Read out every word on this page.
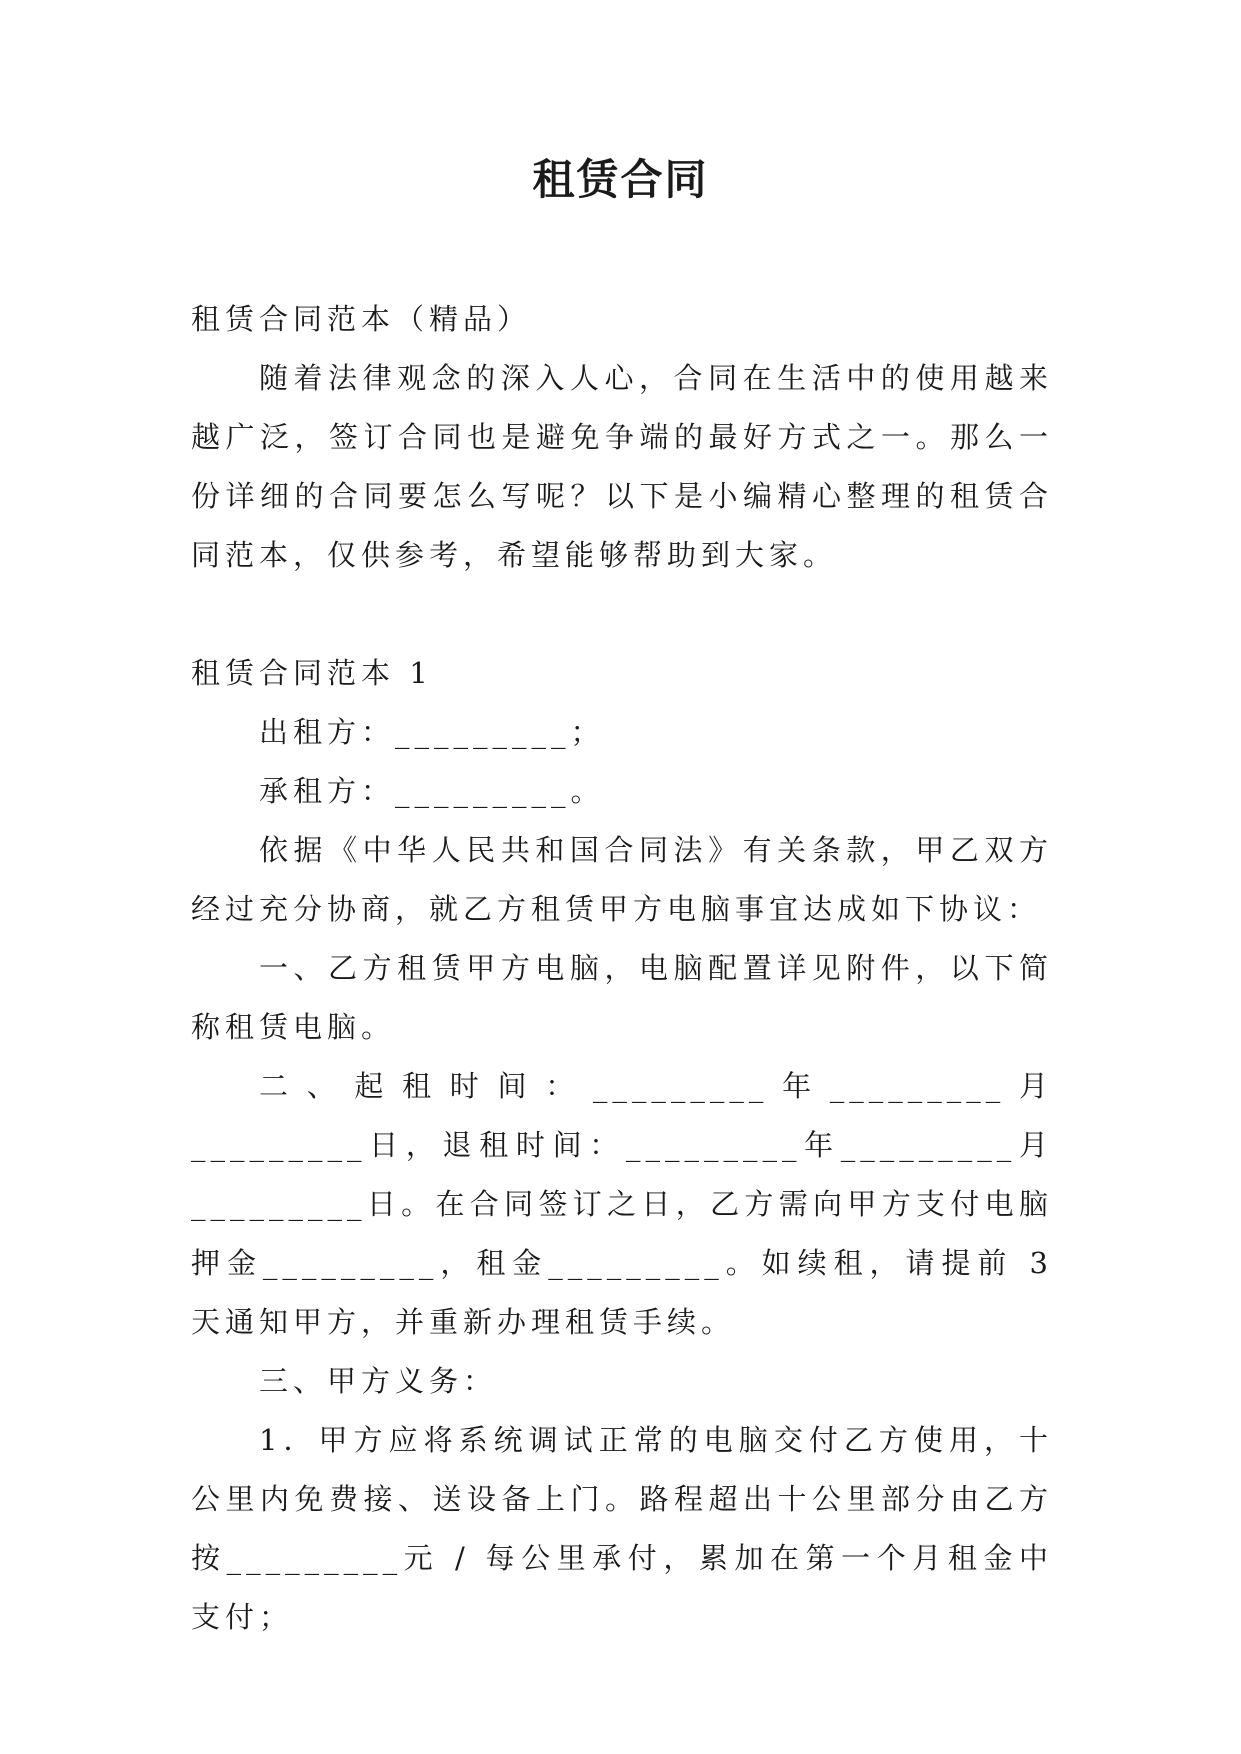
租赁合同

租赁合同范本（精品）

随着法律观念的深入人心，合同在生活中的使用越来越广泛，签订合同也是避免争端的最好方式之一。那么一份详细的合同要怎么写呢？以下是小编精心整理的租赁合同范本，仅供参考，希望能够帮助到大家。

租赁合同范本 1

出租方：_________；

承租方：_________。

依据《中华人民共和国合同法》有关条款，甲乙双方经过充分协商，就乙方租赁甲方电脑事宜达成如下协议：

一、乙方租赁甲方电脑，电脑配置详见附件，以下简称租赁电脑。

二、起租时间：_________年_________月_________日，退租时间：_________年_________月_________日。在合同签订之日，乙方需向甲方支付电脑押金_________，租金_________。如续租，请提前 3 天通知甲方，并重新办理租赁手续。

三、甲方义务：

1．甲方应将系统调试正常的电脑交付乙方使用，十公里内免费接、送设备上门。路程超出十公里部分由乙方按_________元 / 每公里承付，累加在第一个月租金中支付；
